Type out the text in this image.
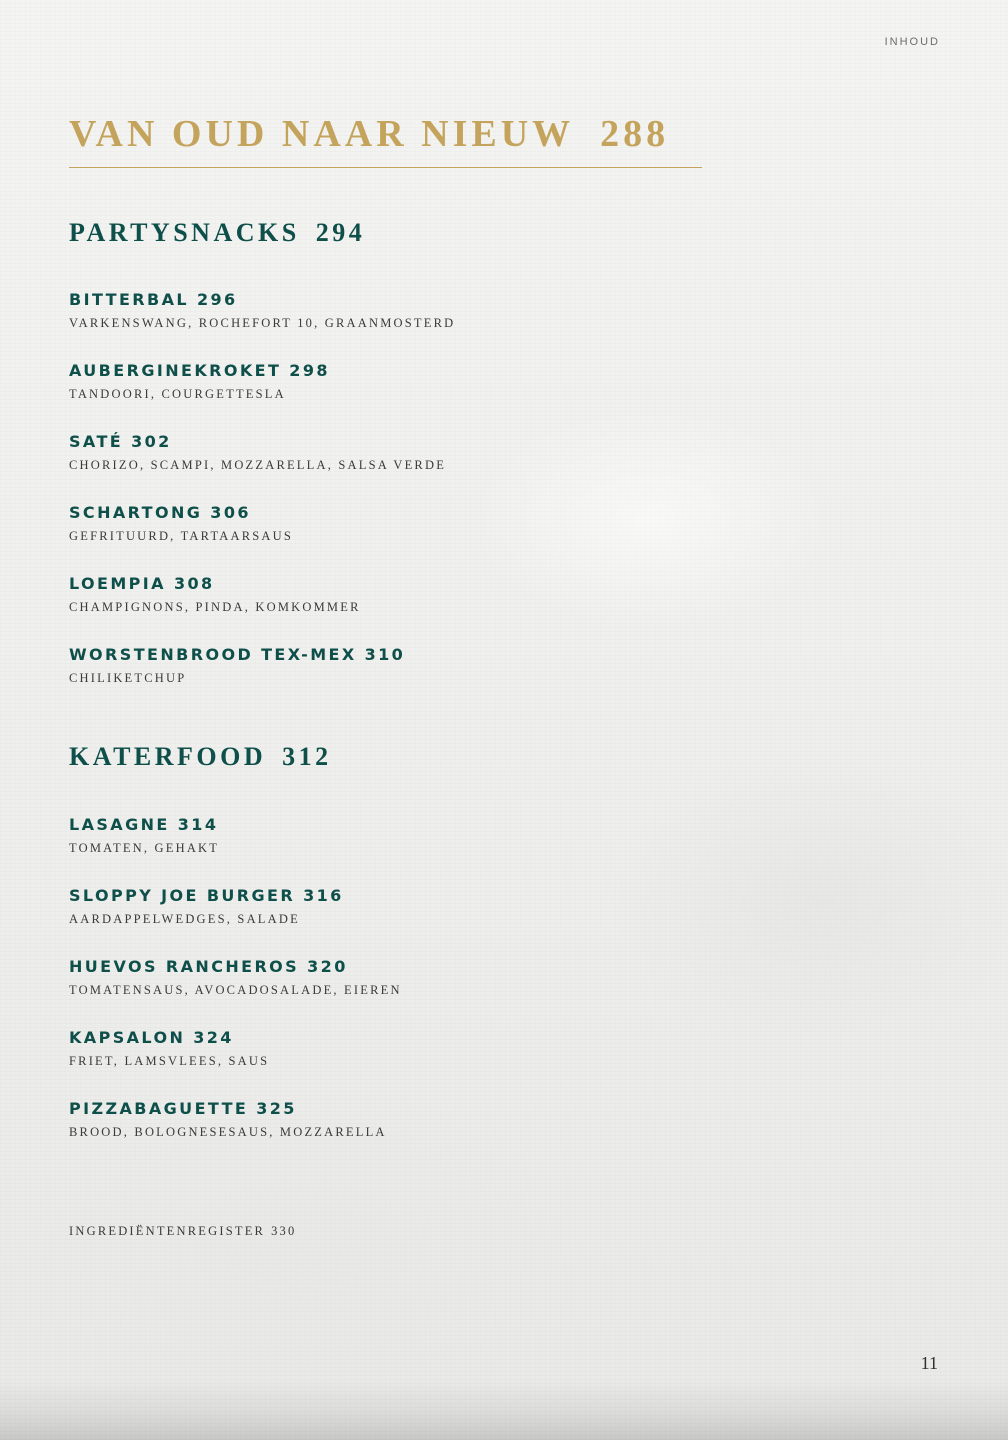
INHOUD
VAN OUD NAAR NIEUW 288
PARTYSNACKS 294
BITTERBAL 296
VARKENSWANG, ROCHEFORT 10, GRAANMOSTERD
AUBERGINEKROKET 298
TANDOORI, COURGETTESLA
SATÉ 302
CHORIZO, SCAMPI, MOZZARELLA, SALSA VERDE
SCHARTONG 306
GEFRITUURD, TARTAARSAUS
LOEMPIA 308
CHAMPIGNONS, PINDA, KOMKOMMER
WORSTENBROOD TEX-MEX 310
CHILIKETCHUP
KATERFOOD 312
LASAGNE 314
TOMATEN, GEHAKT
SLOPPY JOE BURGER 316
AARDAPPELWEDGES, SALADE
HUEVOS RANCHEROS 320
TOMATENSAUS, AVOCADOSALADE, EIEREN
KAPSALON 324
FRIET, LAMSVLEES, SAUS
PIZZABAGUETTE 325
BROOD, BOLOGNESESAUS, MOZZARELLA
INGREDIËNTENREGISTER 330
11
